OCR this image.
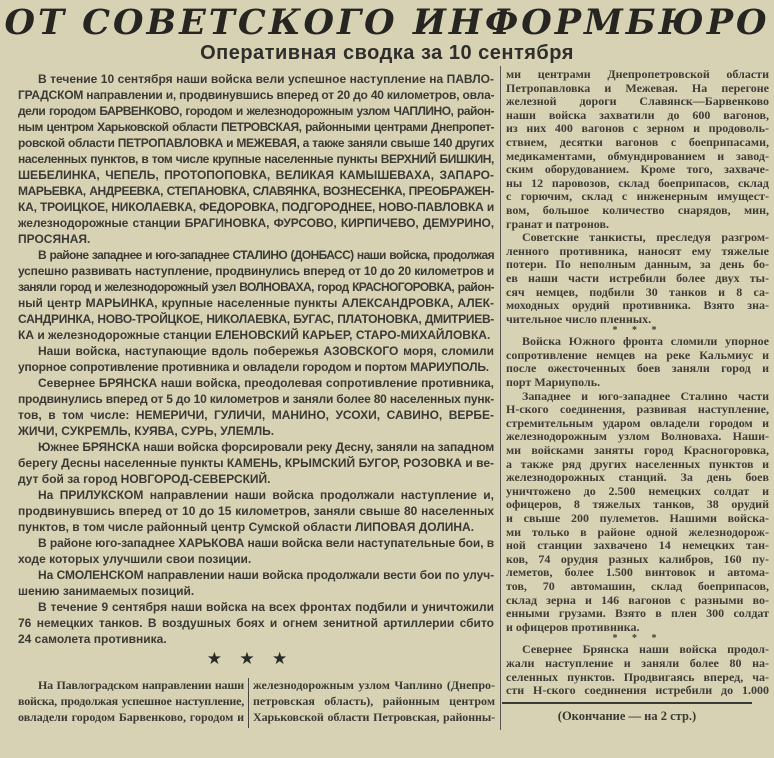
ОТ СОВЕТСКОГО ИНФОРМБЮРО
Оперативная сводка за 10 сентября
В течение 10 сентября наши войска вели успешное наступление на ПАВЛО-
ГРАДСКОМ направлении и, продвинувшись вперед от 20 до 40 километров, овла-
дели городом БАРВЕНКОВО, городом и железнодорожным узлом ЧАПЛИНО, район-
ным центром Харьковской области ПЕТРОВСКАЯ, районными центрами Днепропет-
ровской области ПЕТРОПАВЛОВКА и МЕЖЕВАЯ, а также заняли свыше 140 других
населенных пунктов, в том числе крупные населенные пункты ВЕРХНИЙ БИШКИН,
ШЕБЕЛИНКА, ЧЕПЕЛЬ, ПРОТОПОПОВКА, ВЕЛИКАЯ КАМЫШЕВАХА, ЗАПАРО-
МАРЬЕВКА, АНДРЕЕВКА, СТЕПАНОВКА, СЛАВЯНКА, ВОЗНЕСЕНКА, ПРЕОБРАЖЕН-
КА, ТРОИЦКОЕ, НИКОЛАЕВКА, ФЕДОРОВКА, ПОДГОРОДНЕЕ, НОВО-ПАВЛОВКА и
железнодорожные станции БРАГИНОВКА, ФУРСОВО, КИРПИЧЕВО, ДЕМУРИНО,
ПРОСЯНАЯ.
В районе западнее и юго-западнее СТАЛИНО (ДОНБАСС) наши войска, продолжая
успешно развивать наступление, продвинулись вперед от 10 до 20 километров и
заняли город и железнодорожный узел ВОЛНОВАХА, город КРАСНОГОРОВКА, район-
ный центр МАРЬИНКА, крупные населенные пункты АЛЕКСАНДРОВКА, АЛЕК-
САНДРИНКА, НОВО-ТРОЙЦКОЕ, НИКОЛАЕВКА, БУГАС, ПЛАТОНОВКА, ДМИТРИЕВ-
КА и железнодорожные станции ЕЛЕНОВСКИЙ КАРЬЕР, СТАРО-МИХАЙЛОВКА.
Наши войска, наступающие вдоль побережья АЗОВСКОГО моря, сломили
упорное сопротивление противника и овладели городом и портом МАРИУПОЛЬ.
Севернее БРЯНСКА наши войска, преодолевая сопротивление противника,
продвинулись вперед от 5 до 10 километров и заняли более 80 населенных пунк-
тов, в том числе: НЕМЕРИЧИ, ГУЛИЧИ, МАНИНО, УСОХИ, САВИНО, ВЕРБЕ-
ЖИЧИ, СУКРЕМЛЬ, КУЯВА, СУРЬ, УЛЕМЛЬ.
Южнее БРЯНСКА наши войска форсировали реку Десну, заняли на западном
берегу Десны населенные пункты КАМЕНЬ, КРЫМСКИЙ БУГОР, РОЗОВКА и ве-
дут бой за город НОВГОРОД-СЕВЕРСКИЙ.
На ПРИЛУКСКОМ направлении наши войска продолжали наступление и,
продвинувшись вперед от 10 до 15 километров, заняли свыше 80 населенных
пунктов, в том числе районный центр Сумской области ЛИПОВАЯ ДОЛИНА.
В районе юго-западнее ХАРЬКОВА наши войска вели наступательные бои, в
ходе которых улучшили свои позиции.
На СМОЛЕНСКОМ направлении наши войска продолжали вести бои по улуч-
шению занимаемых позиций.
В течение 9 сентября наши войска на всех фронтах подбили и уничтожили
76 немецких танков. В воздушных боях и огнем зенитной артиллерии сбито
24 самолета противника.
★ ★ ★
На Павлоградском направлении наши
войска, продолжая успешное наступление,
овладели городом Барвенково, городом и
железнодорожным узлом Чаплино (Днепро-
петровская область), районным центром
Харьковской области Петровская, районны-
ми центрами Днепропетровской области
Петропавловка и Межевая. На перегоне
железной дороги Славянск—Барвенково
наши войска захватили до 600 вагонов,
из них 400 вагонов с зерном и продоволь-
ствием, десятки вагонов с боеприпасами,
медикаментами, обмундированием и завод-
ским оборудованием. Кроме того, захваче-
ны 12 паровозов, склад боеприпасов, склад
с горючим, склад с инженерным имущест-
вом, большое количество снарядов, мин,
гранат и патронов.
Советские танкисты, преследуя разгром-
ленного противника, наносят ему тяжелые
потери. По неполным данным, за день бо-
ев наши части истребили более двух ты-
сяч немцев, подбили 30 танков и 8 са-
моходных орудий противника. Взято зна-
чительное число пленных.
* * *
Войска Южного фронта сломили упорное
сопротивление немцев на реке Кальмиус и
после ожесточенных боев заняли город и
порт Мариуполь.
Западнее и юго-западнее Сталино части
Н-ского соединения, развивая наступление,
стремительным ударом овладели городом и
железнодорожным узлом Волноваха. Наши-
ми войсками заняты город Красногоровка,
а также ряд других населенных пунктов и
железнодорожных станций. За день боев
уничтожено до 2.500 немецких солдат и
офицеров, 8 тяжелых танков, 38 орудий
и свыше 200 пулеметов. Нашими войска-
ми только в районе одной железнодорож-
ной станции захвачено 14 немецких тан-
ков, 74 орудия разных калибров, 160 пу-
леметов, более 1.500 винтовок и автома-
тов, 70 автомашин, склад боеприпасов,
склад зерна и 146 вагонов с разными во-
енными грузами. Взято в плен 300 солдат
и офицеров противника.
* * *
Севернее Брянска наши войска продол-
жали наступление и заняли более 80 на-
селенных пунктов. Продвигаясь вперед, ча-
сти Н-ского соединения истребили до 1.000
(Окончание — на 2 стр.)
